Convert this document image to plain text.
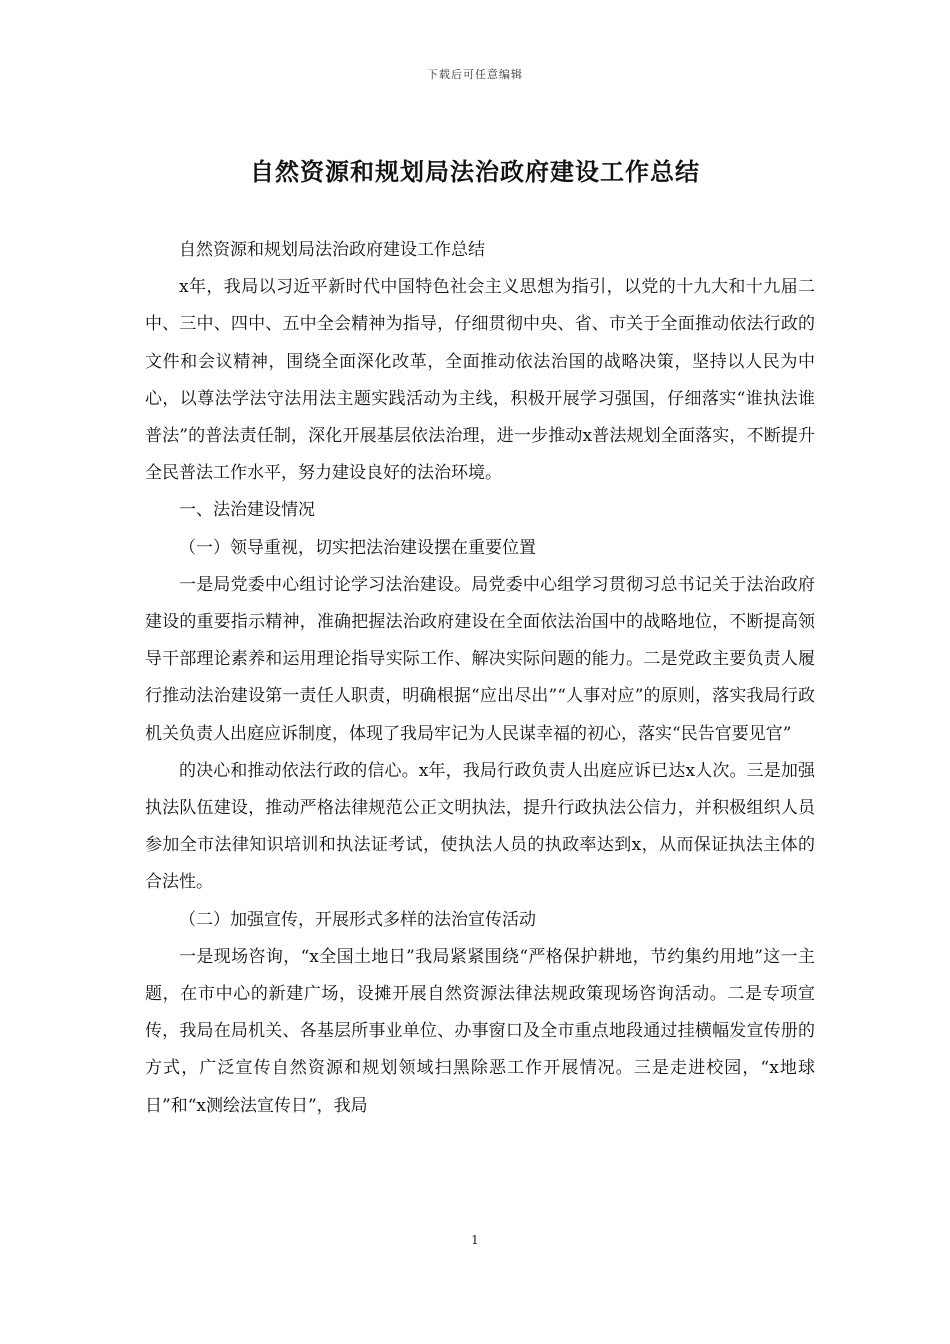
下载后可任意编辑
自然资源和规划局法治政府建设工作总结

自然资源和规划局法治政府建设工作总结

x年，我局以习近平新时代中国特色社会主义思想为指引，以党的十九大和十九届二中、三中、四中、五中全会精神为指导，仔细贯彻中央、省、市关于全面推动依法行政的文件和会议精神，围绕全面深化改革，全面推动依法治国的战略决策，坚持以人民为中心，以尊法学法守法用法主题实践活动为主线，积极开展学习强国，仔细落实“谁执法谁普法”的普法责任制，深化开展基层依法治理，进一步推动x普法规划全面落实，不断提升全民普法工作水平，努力建设良好的法治环境。

一、法治建设情况

（一）领导重视，切实把法治建设摆在重要位置

一是局党委中心组讨论学习法治建设。局党委中心组学习贯彻习总书记关于法治政府建设的重要指示精神，准确把握法治政府建设在全面依法治国中的战略地位，不断提高领导干部理论素养和运用理论指导实际工作、解决实际问题的能力。二是党政主要负责人履行推动法治建设第一责任人职责，明确根据“应出尽出”“人事对应”的原则，落实我局行政机关负责人出庭应诉制度，体现了我局牢记为人民谋幸福的初心，落实“民告官要见官”

的决心和推动依法行政的信心。x年，我局行政负责人出庭应诉已达x人次。三是加强执法队伍建设，推动严格法律规范公正文明执法，提升行政执法公信力，并积极组织人员参加全市法律知识培训和执法证考试，使执法人员的执政率达到x，从而保证执法主体的合法性。

（二）加强宣传，开展形式多样的法治宣传活动

一是现场咨询，“x全国土地日”我局紧紧围绕“严格保护耕地，节约集约用地”这一主题，在市中心的新建广场，设摊开展自然资源法律法规政策现场咨询活动。二是专项宣传，我局在局机关、各基层所事业单位、办事窗口及全市重点地段通过挂横幅发宣传册的方式，广泛宣传自然资源和规划领域扫黑除恶工作开展情况。三是走进校园，“x地球日”和“x测绘法宣传日”，我局

1
